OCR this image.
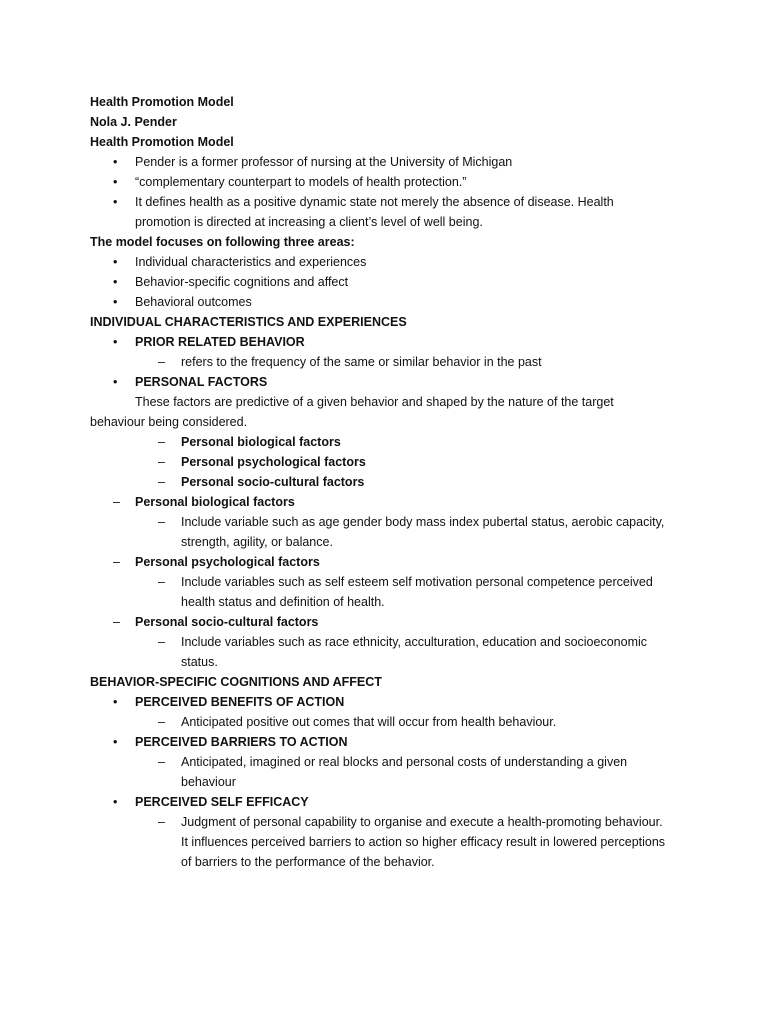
Health Promotion Model
Nola J. Pender
Health Promotion Model
• Pender is a former professor of nursing at the University of Michigan
• “complementary counterpart to models of health protection.”
• It defines health as a positive dynamic state not merely the absence of disease. Health
promotion is directed at increasing a client’s level of well being.
The model focuses on following three areas:
• Individual characteristics and experiences
• Behavior-specific cognitions and affect
• Behavioral outcomes
INDIVIDUAL CHARACTERISTICS AND EXPERIENCES
• PRIOR RELATED BEHAVIOR
– refers to the frequency of the same or similar behavior in the past
• PERSONAL FACTORS
These factors are predictive of a given behavior and shaped by the nature of the target
behaviour being considered.
– Personal biological factors
– Personal psychological factors
– Personal socio-cultural factors
– Personal biological factors
– Include variable such as age gender body mass index pubertal status, aerobic capacity,
strength, agility, or balance.
– Personal psychological factors
– Include variables such as self esteem self motivation personal competence perceived
health status and definition of health.
– Personal socio-cultural factors
– Include variables such as race ethnicity, acculturation, education and socioeconomic
status.
BEHAVIOR-SPECIFIC COGNITIONS AND AFFECT
• PERCEIVED BENEFITS OF ACTION
– Anticipated positive out comes that will occur from health behaviour.
• PERCEIVED BARRIERS TO ACTION
– Anticipated, imagined or real blocks and personal costs of understanding a given
behaviour
• PERCEIVED SELF EFFICACY
– Judgment of personal capability to organise and execute a health-promoting behaviour.
It influences perceived barriers to action so higher efficacy result in lowered perceptions
of barriers to the performance of the behavior.
